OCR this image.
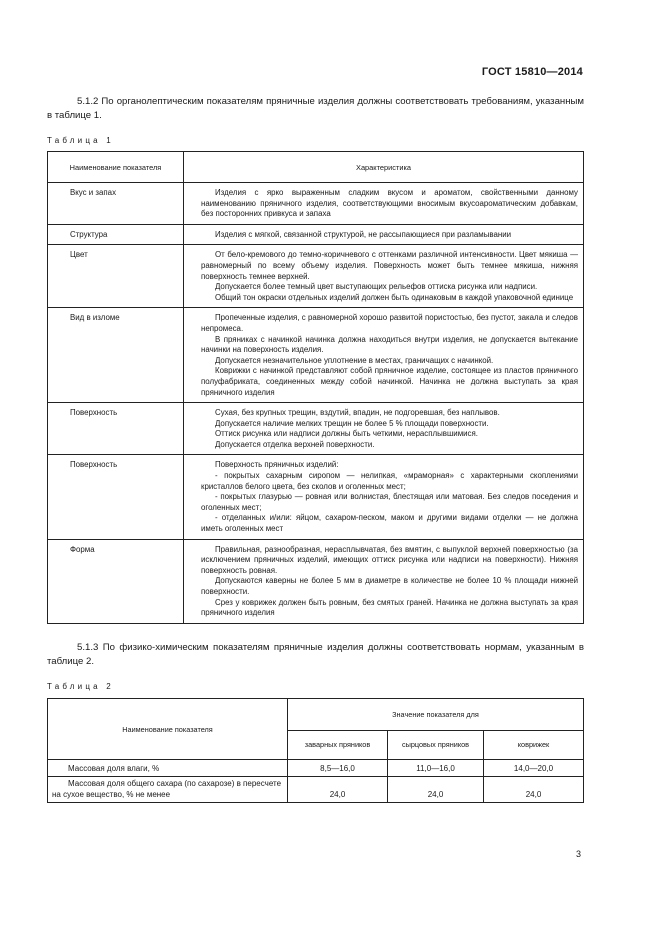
ГОСТ 15810—2014
5.1.2 По органолептическим показателям пряничные изделия должны соответствовать требованиям, указанным в таблице 1.
Таблица 1
Наименование показателя	Характеристика
Вкус и запах	Изделия с ярко выраженным сладким вкусом и ароматом, свойственными данному наименованию пряничного изделия, соответствующими вносимым вкусоароматическим добавкам, без посторонних привкуса и запаха

Структура	Изделия с мягкой, связанной структурой, не рассыпающиеся при разламывании

Цвет	От бело-кремового до темно-коричневого с оттенками различной интенсивности. Цвет мякиша — равномерный по всему объему изделия. Поверхность может быть темнее мякиша, нижняя поверхность темнее верхней.

Допускается более темный цвет выступающих рельефов оттиска рисунка или надписи.

Общий тон окраски отдельных изделий должен быть одинаковым в каждой упаковочной единице

Вид в изломе	Пропеченные изделия, с равномерной хорошо развитой пористостью, без пустот, закала и следов непромеса.

В пряниках с начинкой начинка должна находиться внутри изделия, не допускается вытекание начинки на поверхность изделия.

Допускается незначительное уплотнение в местах, граничащих с начинкой.

Коврижки с начинкой представляют собой пряничное изделие, состоящее из пластов пряничного полуфабриката, соединенных между собой начинкой. Начинка не должна выступать за края пряничного изделия

Поверхность	Сухая, без крупных трещин, вздутий, впадин, не подгоревшая, без наплывов.

Допускается наличие мелких трещин не более 5 % площади поверхности.

Оттиск рисунка или надписи должны быть четкими, нерасплывшимися.

Допускается отделка верхней поверхности.

Поверхность	Поверхность пряничных изделий:

- покрытых сахарным сиропом — нелипкая, «мраморная» с характерными скоплениями кристаллов белого цвета, без сколов и оголенных мест;

- покрытых глазурью — ровная или волнистая, блестящая или матовая. Без следов поседения и оголенных мест;

- отделанных и/или: яйцом, сахаром-песком, маком и другими видами отделки — не должна иметь оголенных мест

Форма	Правильная, разнообразная, нерасплывчатая, без вмятин, с выпуклой верхней поверхностью (за исключением пряничных изделий, имеющих оттиск рисунка или надписи на поверхности). Нижняя поверхность ровная.

Допускаются каверны не более 5 мм в диаметре в количестве не более 10 % площади нижней поверхности.

Срез у коврижек должен быть ровным, без смятых граней. Начинка не должна выступать за края пряничного изделия

5.1.3 По физико-химическим показателям пряничные изделия должны соответствовать нормам, указанным в таблице 2.
Таблица 2
Наименование показателя	Значение показателя для		
	заварных пряников	сырцовых пряников	коврижек
Массовая доля влаги, %	8,5—16,0	11,0—16,0	14,0—20,0
Массовая доля общего сахара (по сахарозе) в пересчете на сухое вещество, % не менее	24,0	24,0	24,0
3
